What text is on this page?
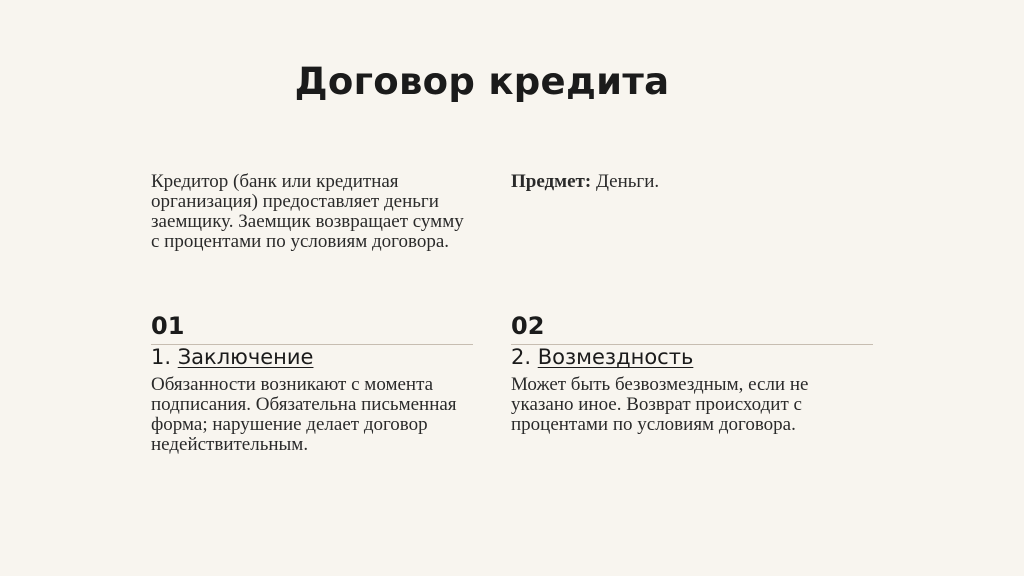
Договор кредита

Кредитор (банк или кредитная организация) предоставляет деньги заемщику. Заемщик возвращает сумму с процентами по условиям договора.

Предмет: Деньги.

01
1. Заключение
Обязанности возникают с момента подписания. Обязательна письменная форма; нарушение делает договор недействительным.
02
2. Возмездность
Может быть безвозмездным, если не указано иное. Возврат происходит с процентами по условиям договора.
